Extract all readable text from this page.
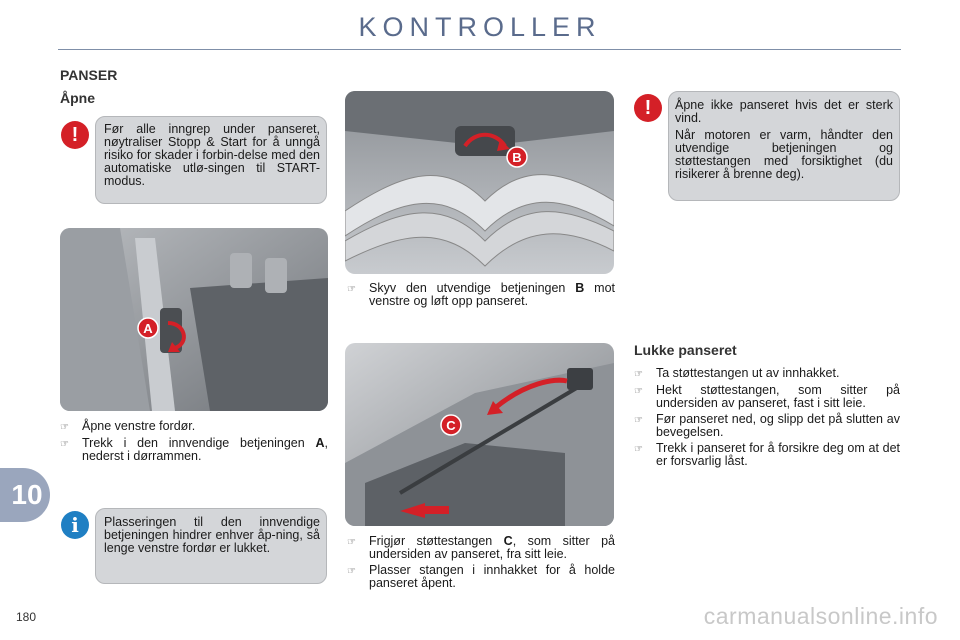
KONTROLLER
PANSER
Åpne
!	Før alle inngrep under panseret, nøytraliser Stopp & Start for å unngå risiko for skader i forbin-delse med den automatiske utlø-singen til START-modus.
A
☞	Åpne venstre fordør.
☞	Trekk i den innvendige betjeningen A, nederst i dørrammen.
i	Plasseringen til den innvendige betjeningen hindrer enhver åp-ning, så lenge venstre fordør er lukket.
B
☞	Skyv den utvendige betjeningen B mot venstre og løft opp panseret.
C
☞	Frigjør støttestangen C, som sitter på undersiden av panseret, fra sitt leie.
☞	Plasser stangen i innhakket for å holde panseret åpent.
!	Åpne ikke panseret hvis det er sterk vind.
Når motoren er varm, håndter den utvendige betjeningen og støttestangen med forsiktighet (du risikerer å brenne deg).
Lukke panseret
☞	Ta støttestangen ut av innhakket.
☞	Hekt støttestangen, som sitter på undersiden av panseret, fast i sitt leie.
☞	Før panseret ned, og slipp det på slutten av bevegelsen.
☞	Trekk i panseret for å forsikre deg om at det er forsvarlig låst.
10
180	carmanualsonline.info
